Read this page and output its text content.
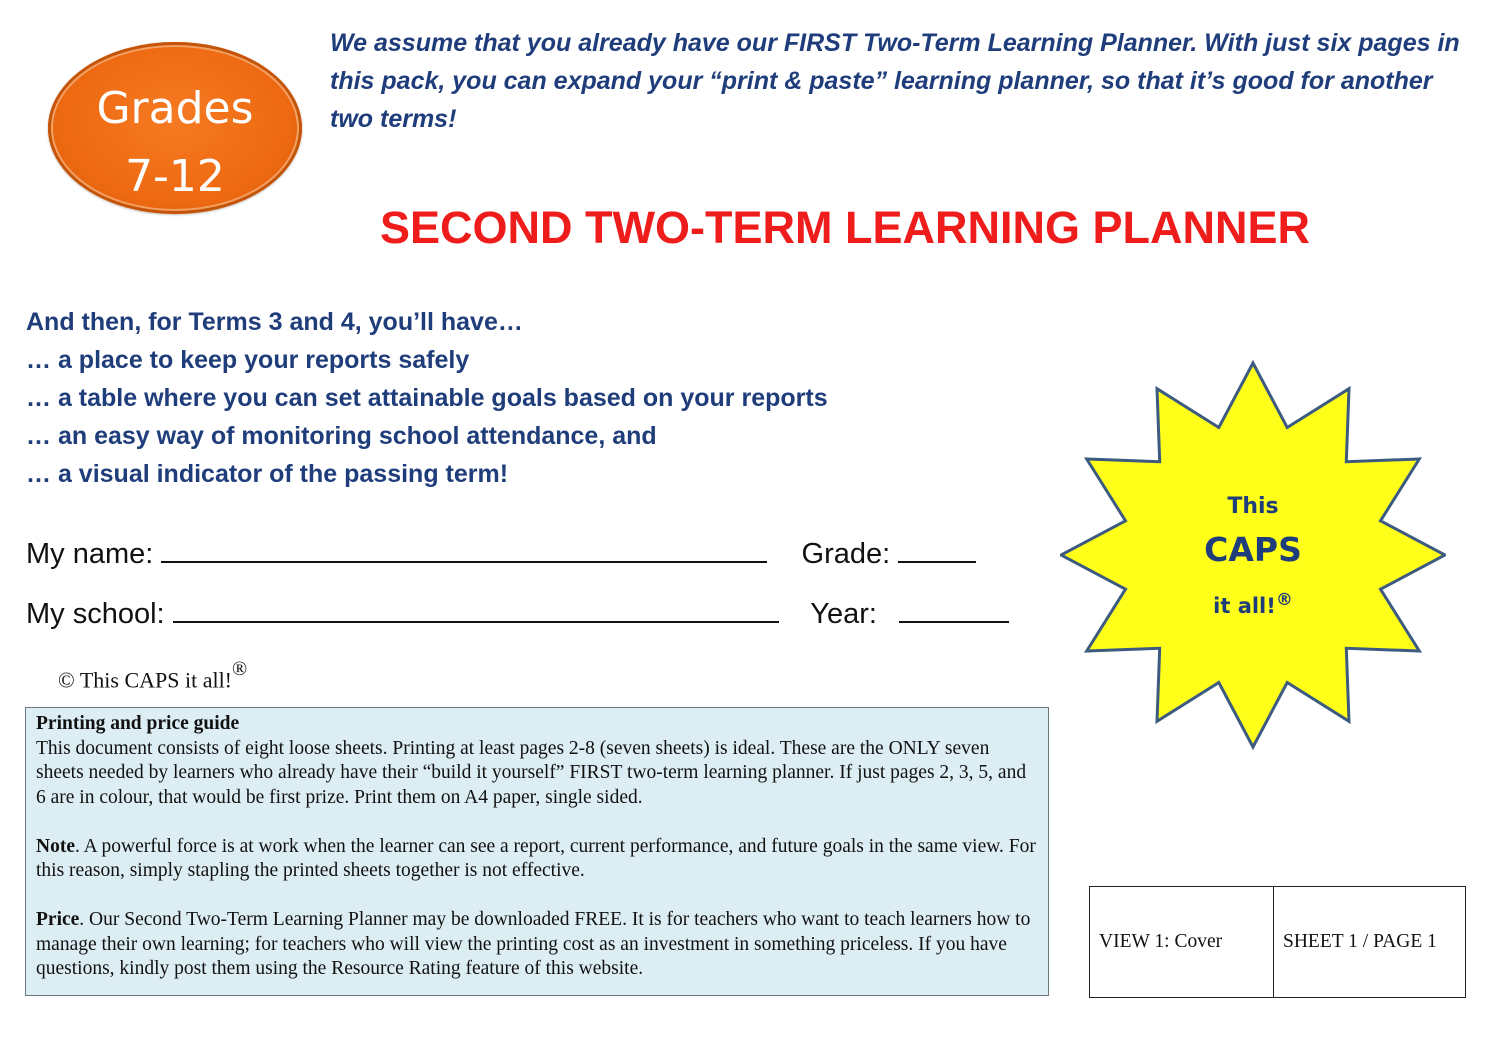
Grades
7-12
We assume that you already have our FIRST Two-Term Learning Planner. With just six pages in this pack, you can expand your “print & paste” learning planner, so that it’s good for another two terms!
SECOND TWO-TERM LEARNING PLANNER
And then, for Terms 3 and 4, you’ll have…
… a place to keep your reports safely
… a table where you can set attainable goals based on your reports
… an easy way of monitoring school attendance, and
… a visual indicator of the passing term!
My name:	Grade:
My school:	Year:
© This CAPS it all!®

Printing and price guide

This document consists of eight loose sheets. Printing at least pages 2-8 (seven sheets) is ideal. These are the ONLY seven sheets needed by learners who already have their “build it yourself” FIRST two-term learning planner. If just pages 2, 3, 5, and 6 are in colour, that would be first prize. Print them on A4 paper, single sided.

Note. A powerful force is at work when the learner can see a report, current performance, and future goals in the same view. For this reason, simply stapling the printed sheets together is not effective.

Price. Our Second Two-Term Learning Planner may be downloaded FREE. It is for teachers who want to teach learners how to manage their own learning; for teachers who will view the printing cost as an investment in something priceless. If you have questions, kindly post them using the Resource Rating feature of this website.

This
CAPS
it all!®
VIEW 1: Cover	SHEET 1 / PAGE 1
